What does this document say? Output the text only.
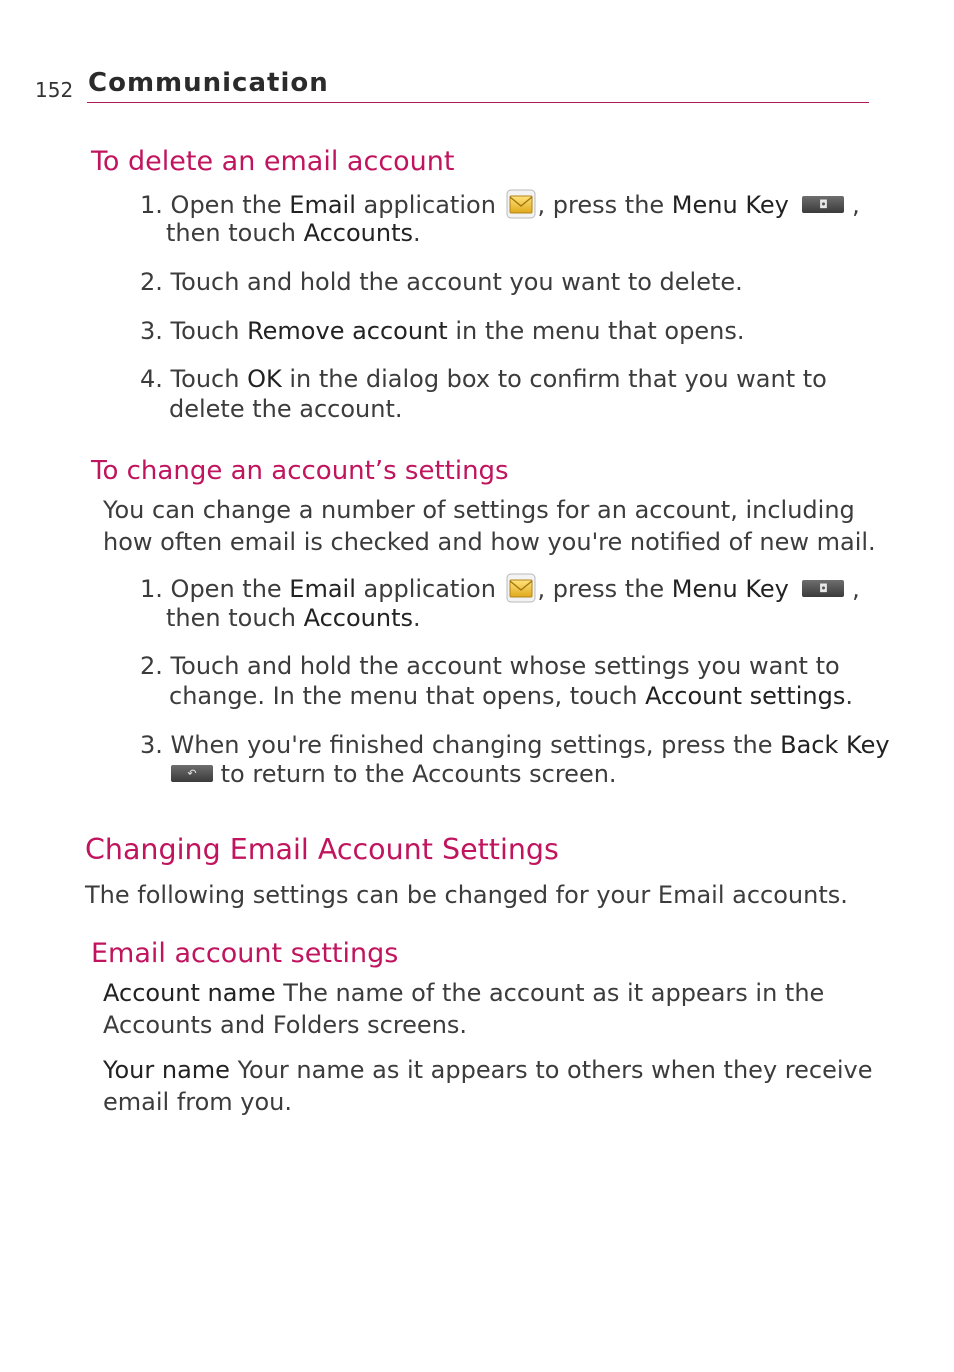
152 Communication
To delete an email account
1. Open the Email application , press the Menu Key	◘ ,
then touch Accounts.
2. Touch and hold the account you want to delete.
3. Touch Remove account in the menu that opens.
4. Touch OK in the dialog box to confirm that you want to
delete the account.
To change an account’s settings
You can change a number of settings for an account, including
how often email is checked and how you're notified of new mail.
1. Open the Email application , press the Menu Key	◘ ,
then touch Accounts.
2. Touch and hold the account whose settings you want to
change. In the menu that opens, touch Account settings.
3. When you're finished changing settings, press the Back Key
↶ to return to the Accounts screen.
Changing Email Account Settings
The following settings can be changed for your Email accounts.
Email account settings
Account name The name of the account as it appears in the
Accounts and Folders screens.
Your name Your name as it appears to others when they receive
email from you.
